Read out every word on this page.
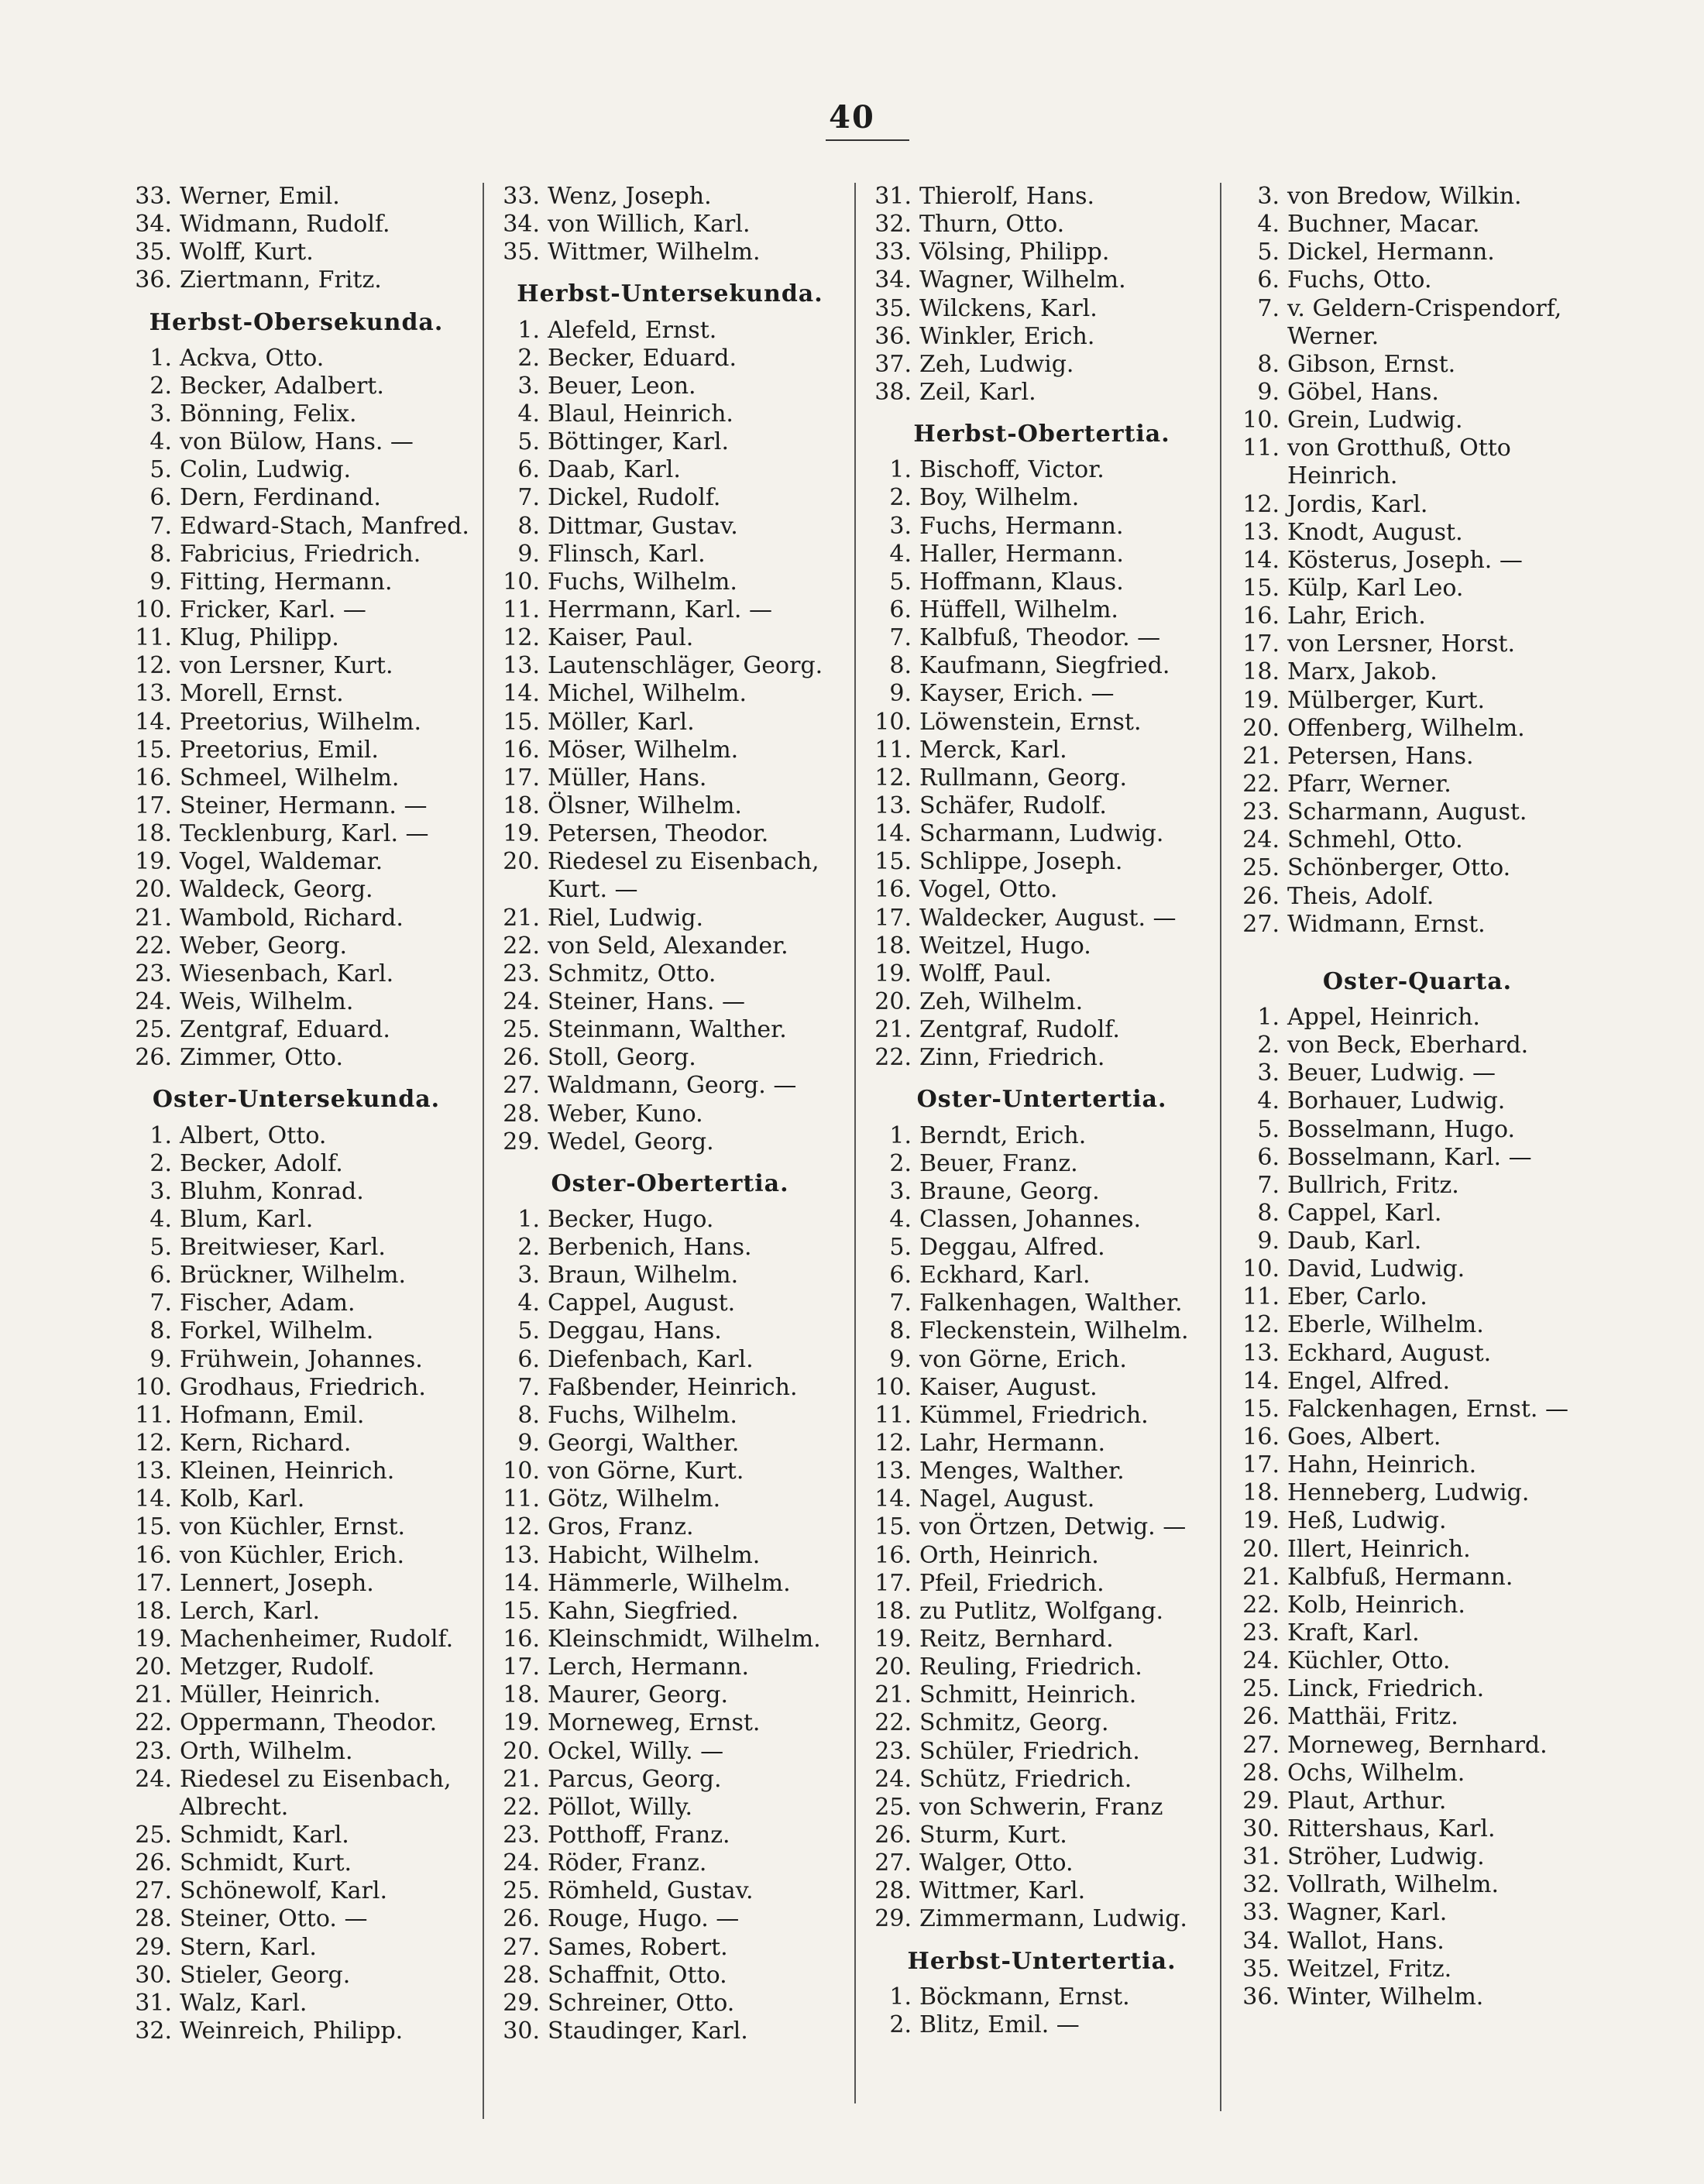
40
33. Werner, Emil.
34. Widmann, Rudolf.
35. Wolff, Kurt.
36. Ziertmann, Fritz.
Herbst-Obersekunda.
1. Ackva, Otto.
2. Becker, Adalbert.
3. Bönning, Felix.
4. von Bülow, Hans. —
5. Colin, Ludwig.
6. Dern, Ferdinand.
7. Edward-Stach, Manfred.
8. Fabricius, Friedrich.
9. Fitting, Hermann.
10. Fricker, Karl. —
11. Klug, Philipp.
12. von Lersner, Kurt.
13. Morell, Ernst.
14. Preetorius, Wilhelm.
15. Preetorius, Emil.
16. Schmeel, Wilhelm.
17. Steiner, Hermann. —
18. Tecklenburg, Karl. —
19. Vogel, Waldemar.
20. Waldeck, Georg.
21. Wambold, Richard.
22. Weber, Georg.
23. Wiesenbach, Karl.
24. Weis, Wilhelm.
25. Zentgraf, Eduard.
26. Zimmer, Otto.
Oster-Untersekunda.
1. Albert, Otto.
2. Becker, Adolf.
3. Bluhm, Konrad.
4. Blum, Karl.
5. Breitwieser, Karl.
6. Brückner, Wilhelm.
7. Fischer, Adam.
8. Forkel, Wilhelm.
9. Frühwein, Johannes.
10. Grodhaus, Friedrich.
11. Hofmann, Emil.
12. Kern, Richard.
13. Kleinen, Heinrich.
14. Kolb, Karl.
15. von Küchler, Ernst.
16. von Küchler, Erich.
17. Lennert, Joseph.
18. Lerch, Karl.
19. Machenheimer, Rudolf.
20. Metzger, Rudolf.
21. Müller, Heinrich.
22. Oppermann, Theodor.
23. Orth, Wilhelm.
24. Riedesel zu Eisenbach,
Albrecht.
25. Schmidt, Karl.
26. Schmidt, Kurt.
27. Schönewolf, Karl.
28. Steiner, Otto. —
29. Stern, Karl.
30. Stieler, Georg.
31. Walz, Karl.
32. Weinreich, Philipp.
33. Wenz, Joseph.
34. von Willich, Karl.
35. Wittmer, Wilhelm.
Herbst-Untersekunda.
1. Alefeld, Ernst.
2. Becker, Eduard.
3. Beuer, Leon.
4. Blaul, Heinrich.
5. Böttinger, Karl.
6. Daab, Karl.
7. Dickel, Rudolf.
8. Dittmar, Gustav.
9. Flinsch, Karl.
10. Fuchs, Wilhelm.
11. Herrmann, Karl. —
12. Kaiser, Paul.
13. Lautenschläger, Georg.
14. Michel, Wilhelm.
15. Möller, Karl.
16. Möser, Wilhelm.
17. Müller, Hans.
18. Ölsner, Wilhelm.
19. Petersen, Theodor.
20. Riedesel zu Eisenbach,
Kurt. —
21. Riel, Ludwig.
22. von Seld, Alexander.
23. Schmitz, Otto.
24. Steiner, Hans. —
25. Steinmann, Walther.
26. Stoll, Georg.
27. Waldmann, Georg. —
28. Weber, Kuno.
29. Wedel, Georg.
Oster-Obertertia.
1. Becker, Hugo.
2. Berbenich, Hans.
3. Braun, Wilhelm.
4. Cappel, August.
5. Deggau, Hans.
6. Diefenbach, Karl.
7. Faßbender, Heinrich.
8. Fuchs, Wilhelm.
9. Georgi, Walther.
10. von Görne, Kurt.
11. Götz, Wilhelm.
12. Gros, Franz.
13. Habicht, Wilhelm.
14. Hämmerle, Wilhelm.
15. Kahn, Siegfried.
16. Kleinschmidt, Wilhelm.
17. Lerch, Hermann.
18. Maurer, Georg.
19. Morneweg, Ernst.
20. Ockel, Willy. —
21. Parcus, Georg.
22. Pöllot, Willy.
23. Potthoff, Franz.
24. Röder, Franz.
25. Römheld, Gustav.
26. Rouge, Hugo. —
27. Sames, Robert.
28. Schaffnit, Otto.
29. Schreiner, Otto.
30. Staudinger, Karl.
31. Thierolf, Hans.
32. Thurn, Otto.
33. Völsing, Philipp.
34. Wagner, Wilhelm.
35. Wilckens, Karl.
36. Winkler, Erich.
37. Zeh, Ludwig.
38. Zeil, Karl.
Herbst-Obertertia.
1. Bischoff, Victor.
2. Boy, Wilhelm.
3. Fuchs, Hermann.
4. Haller, Hermann.
5. Hoffmann, Klaus.
6. Hüffell, Wilhelm.
7. Kalbfuß, Theodor. —
8. Kaufmann, Siegfried.
9. Kayser, Erich. —
10. Löwenstein, Ernst.
11. Merck, Karl.
12. Rullmann, Georg.
13. Schäfer, Rudolf.
14. Scharmann, Ludwig.
15. Schlippe, Joseph.
16. Vogel, Otto.
17. Waldecker, August. —
18. Weitzel, Hugo.
19. Wolff, Paul.
20. Zeh, Wilhelm.
21. Zentgraf, Rudolf.
22. Zinn, Friedrich.
Oster-Untertertia.
1. Berndt, Erich.
2. Beuer, Franz.
3. Braune, Georg.
4. Classen, Johannes.
5. Deggau, Alfred.
6. Eckhard, Karl.
7. Falkenhagen, Walther.
8. Fleckenstein, Wilhelm.
9. von Görne, Erich.
10. Kaiser, August.
11. Kümmel, Friedrich.
12. Lahr, Hermann.
13. Menges, Walther.
14. Nagel, August.
15. von Örtzen, Detwig. —
16. Orth, Heinrich.
17. Pfeil, Friedrich.
18. zu Putlitz, Wolfgang.
19. Reitz, Bernhard.
20. Reuling, Friedrich.
21. Schmitt, Heinrich.
22. Schmitz, Georg.
23. Schüler, Friedrich.
24. Schütz, Friedrich.
25. von Schwerin, Franz
26. Sturm, Kurt.
27. Walger, Otto.
28. Wittmer, Karl.
29. Zimmermann, Ludwig.
Herbst-Untertertia.
1. Böckmann, Ernst.
2. Blitz, Emil. —
3. von Bredow, Wilkin.
4. Buchner, Macar.
5. Dickel, Hermann.
6. Fuchs, Otto.
7. v. Geldern-Crispendorf,
Werner.
8. Gibson, Ernst.
9. Göbel, Hans.
10. Grein, Ludwig.
11. von Grotthuß, Otto
Heinrich.
12. Jordis, Karl.
13. Knodt, August.
14. Kösterus, Joseph. —
15. Külp, Karl Leo.
16. Lahr, Erich.
17. von Lersner, Horst.
18. Marx, Jakob.
19. Mülberger, Kurt.
20. Offenberg, Wilhelm.
21. Petersen, Hans.
22. Pfarr, Werner.
23. Scharmann, August.
24. Schmehl, Otto.
25. Schönberger, Otto.
26. Theis, Adolf.
27. Widmann, Ernst.
Oster-Quarta.
1. Appel, Heinrich.
2. von Beck, Eberhard.
3. Beuer, Ludwig. —
4. Borhauer, Ludwig.
5. Bosselmann, Hugo.
6. Bosselmann, Karl. —
7. Bullrich, Fritz.
8. Cappel, Karl.
9. Daub, Karl.
10. David, Ludwig.
11. Eber, Carlo.
12. Eberle, Wilhelm.
13. Eckhard, August.
14. Engel, Alfred.
15. Falckenhagen, Ernst. —
16. Goes, Albert.
17. Hahn, Heinrich.
18. Henneberg, Ludwig.
19. Heß, Ludwig.
20. Illert, Heinrich.
21. Kalbfuß, Hermann.
22. Kolb, Heinrich.
23. Kraft, Karl.
24. Küchler, Otto.
25. Linck, Friedrich.
26. Matthäi, Fritz.
27. Morneweg, Bernhard.
28. Ochs, Wilhelm.
29. Plaut, Arthur.
30. Rittershaus, Karl.
31. Ströher, Ludwig.
32. Vollrath, Wilhelm.
33. Wagner, Karl.
34. Wallot, Hans.
35. Weitzel, Fritz.
36. Winter, Wilhelm.
